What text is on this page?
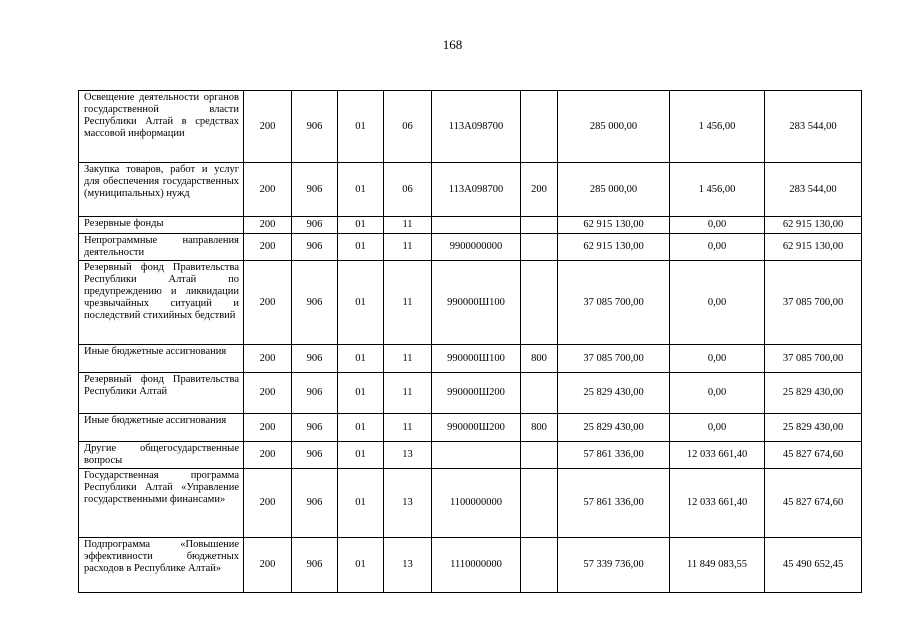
168
Освещение деятельности органов государственной власти Республики Алтай в средствах массовой информации	200	906	01	06	113А098700		285 000,00	1 456,00	283 544,00
Закупка товаров, работ и услуг для обеспечения государственных (муниципальных) нужд	200	906	01	06	113А098700	200	285 000,00	1 456,00	283 544,00
Резервные фонды	200	906	01	11			62 915 130,00	0,00	62 915 130,00
Непрограммные направления деятельности	200	906	01	11	9900000000		62 915 130,00	0,00	62 915 130,00
Резервный фонд Правительства Республики Алтай по предупреждению и ликвидации чрезвычайных ситуаций и последствий стихийных бедствий	200	906	01	11	990000Ш100		37 085 700,00	0,00	37 085 700,00
Иные бюджетные ассигнования	200	906	01	11	990000Ш100	800	37 085 700,00	0,00	37 085 700,00
Резервный фонд Правительства Республики Алтай	200	906	01	11	990000Ш200		25 829 430,00	0,00	25 829 430,00
Иные бюджетные ассигнования	200	906	01	11	990000Ш200	800	25 829 430,00	0,00	25 829 430,00
Другие общегосударственные вопросы	200	906	01	13			57 861 336,00	12 033 661,40	45 827 674,60
Государственная программа Республики Алтай «Управление государственными финансами»	200	906	01	13	1100000000		57 861 336,00	12 033 661,40	45 827 674,60
Подпрограмма «Повышение эффективности бюджетных расходов в Республике Алтай»	200	906	01	13	1110000000		57 339 736,00	11 849 083,55	45 490 652,45
